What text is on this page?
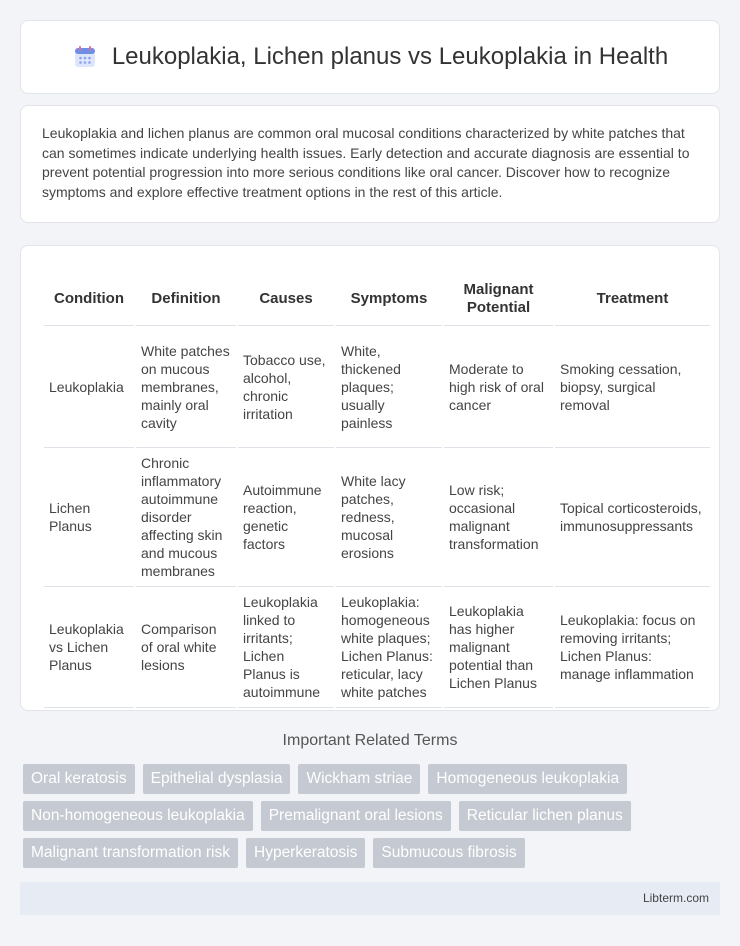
Leukoplakia, Lichen planus vs Leukoplakia in Health

Leukoplakia and lichen planus are common oral mucosal conditions characterized by white patches that can sometimes indicate underlying health issues. Early detection and accurate diagnosis are essential to prevent potential progression into more serious conditions like oral cancer. Discover how to recognize symptoms and explore effective treatment options in the rest of this article.

Condition	Definition	Causes	Symptoms	Malignant Potential	Treatment
Leukoplakia	White patches on mucous membranes, mainly oral cavity	Tobacco use, alcohol, chronic irritation	White, thickened plaques; usually painless	Moderate to high risk of oral cancer	Smoking cessation, biopsy, surgical removal
Lichen Planus	Chronic inflammatory autoimmune disorder affecting skin and mucous membranes	Autoimmune reaction, genetic factors	White lacy patches, redness, mucosal erosions	Low risk; occasional malignant transformation	Topical corticosteroids, immunosuppressants
Leukoplakia vs Lichen Planus	Comparison of oral white lesions	Leukoplakia linked to irritants; Lichen Planus is autoimmune	Leukoplakia: homogeneous white plaques; Lichen Planus: reticular, lacy white patches	Leukoplakia has higher malignant potential than Lichen Planus	Leukoplakia: focus on removing irritants; Lichen Planus: manage inflammation
Important Related Terms
Oral keratosis	Epithelial dysplasia	Wickham striae	Homogeneous leukoplakia
Non-homogeneous leukoplakia	Premalignant oral lesions	Reticular lichen planus
Malignant transformation risk	Hyperkeratosis	Submucous fibrosis
Libterm.com
